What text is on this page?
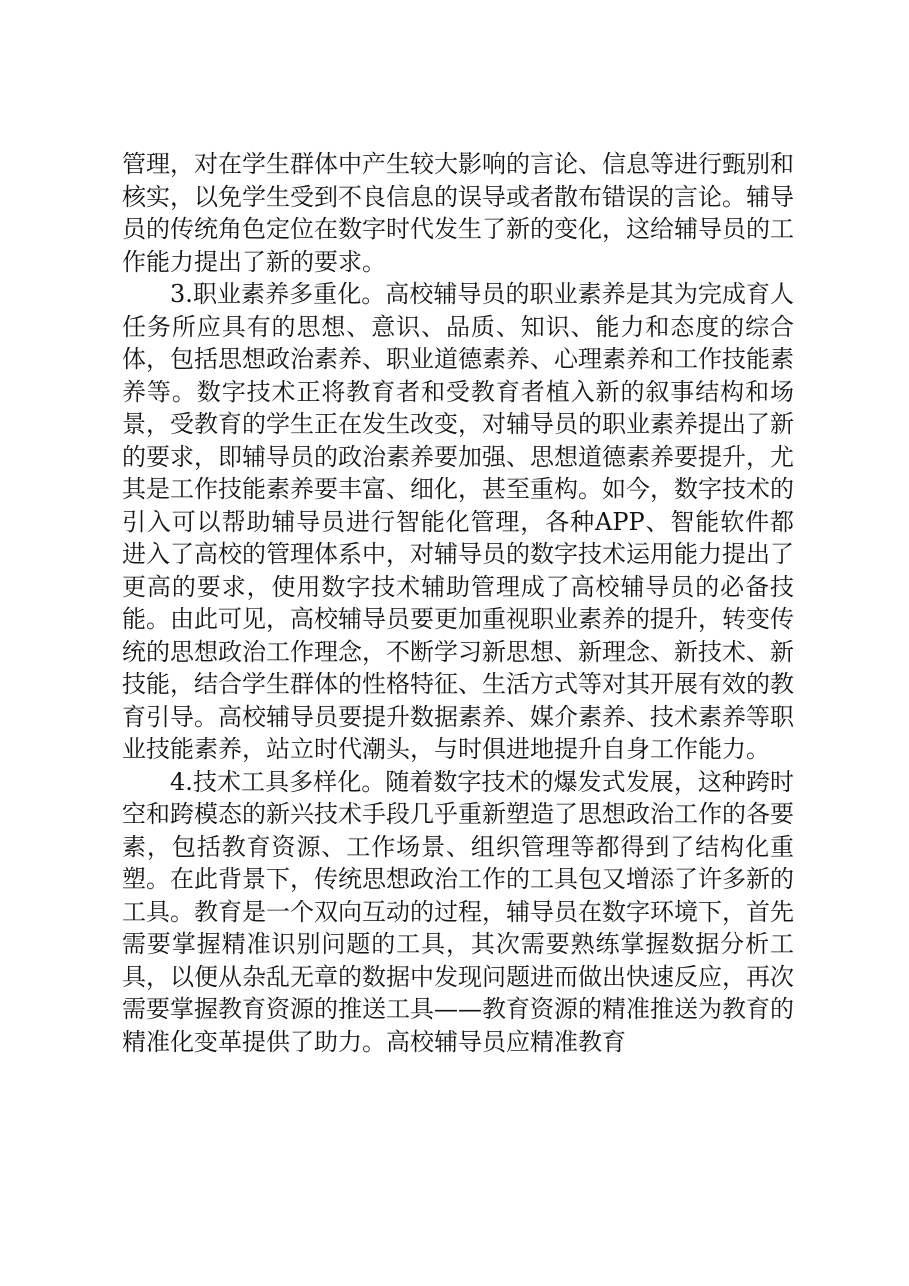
管理，对在学生群体中产生较大影响的言论、信息等进行甄别和核实，以免学生受到不良信息的误导或者散布错误的言论。辅导员的传统角色定位在数字时代发生了新的变化，这给辅导员的工作能力提出了新的要求。

3.职业素养多重化。高校辅导员的职业素养是其为完成育人任务所应具有的思想、意识、品质、知识、能力和态度的综合体，包括思想政治素养、职业道德素养、心理素养和工作技能素养等。数字技术正将教育者和受教育者植入新的叙事结构和场景，受教育的学生正在发生改变，对辅导员的职业素养提出了新的要求，即辅导员的政治素养要加强、思想道德素养要提升，尤其是工作技能素养要丰富、细化，甚至重构。如今，数字技术的引入可以帮助辅导员进行智能化管理，各种APP、智能软件都进入了高校的管理体系中，对辅导员的数字技术运用能力提出了更高的要求，使用数字技术辅助管理成了高校辅导员的必备技能。由此可见，高校辅导员要更加重视职业素养的提升，转变传统的思想政治工作理念，不断学习新思想、新理念、新技术、新技能，结合学生群体的性格特征、生活方式等对其开展有效的教育引导。高校辅导员要提升数据素养、媒介素养、技术素养等职业技能素养，站立时代潮头，与时俱进地提升自身工作能力。

4.技术工具多样化。随着数字技术的爆发式发展，这种跨时空和跨模态的新兴技术手段几乎重新塑造了思想政治工作的各要素，包括教育资源、工作场景、组织管理等都得到了结构化重塑。在此背景下，传统思想政治工作的工具包又增添了许多新的工具。教育是一个双向互动的过程，辅导员在数字环境下，首先需要掌握精准识别问题的工具，其次需要熟练掌握数据分析工具，以便从杂乱无章的数据中发现问题进而做出快速反应，再次需要掌握教育资源的推送工具——教育资源的精准推送为教育的精准化变革提供了助力。高校辅导员应精准教育
